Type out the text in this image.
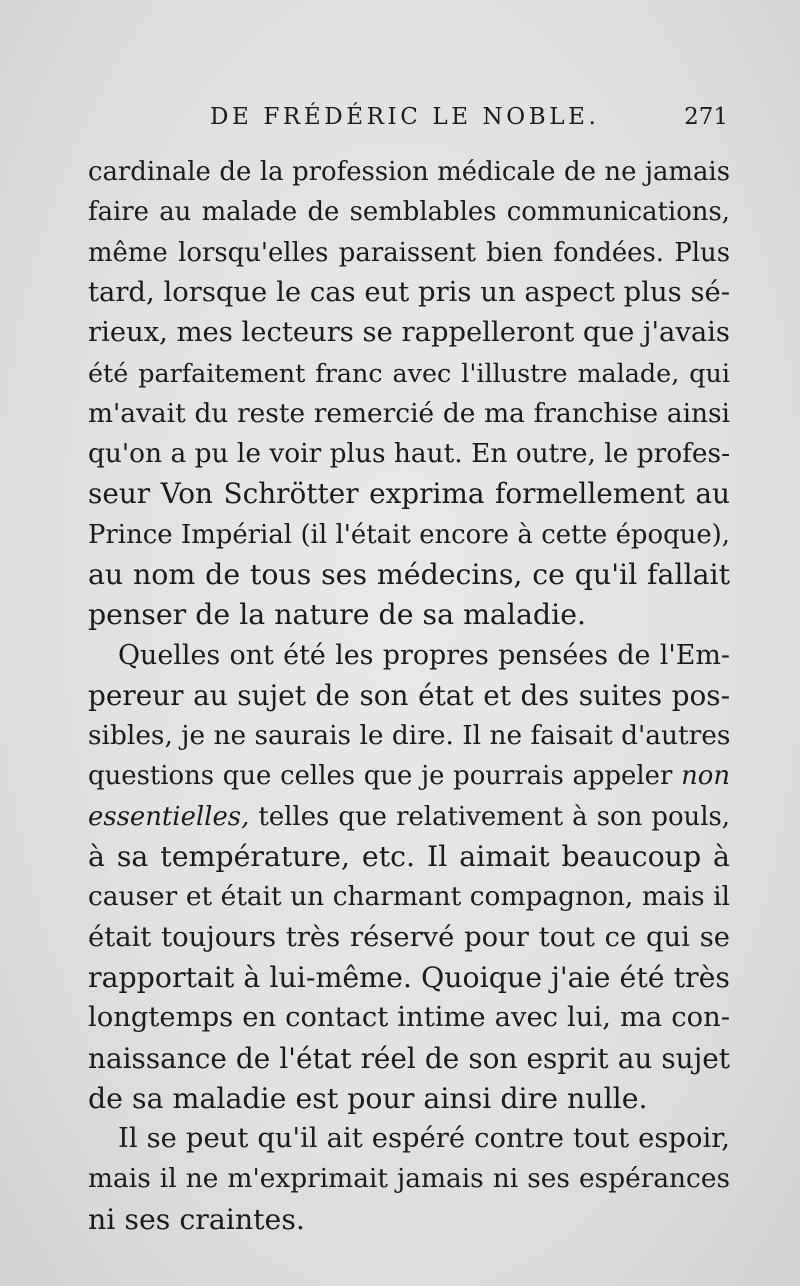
DE FRÉDÉRIC LE NOBLE.	271
cardinale de la profession médicale de ne jamais
faire au malade de semblables communications,
même lorsqu'elles paraissent bien fondées. Plus
tard, lorsque le cas eut pris un aspect plus sé-
rieux, mes lecteurs se rappelleront que j'avais
été parfaitement franc avec l'illustre malade, qui
m'avait du reste remercié de ma franchise ainsi
qu'on a pu le voir plus haut. En outre, le profes-
seur Von Schrötter exprima formellement au
Prince Impérial (il l'était encore à cette époque),
au nom de tous ses médecins, ce qu'il fallait
penser de la nature de sa maladie.
Quelles ont été les propres pensées de l'Em-
pereur au sujet de son état et des suites pos-
sibles, je ne saurais le dire. Il ne faisait d'autres
questions que celles que je pourrais appeler non
essentielles, telles que relativement à son pouls,
à sa température, etc. Il aimait beaucoup à
causer et était un charmant compagnon, mais il
était toujours très réservé pour tout ce qui se
rapportait à lui-même. Quoique j'aie été très
longtemps en contact intime avec lui, ma con-
naissance de l'état réel de son esprit au sujet
de sa maladie est pour ainsi dire nulle.
Il se peut qu'il ait espéré contre tout espoir,
mais il ne m'exprimait jamais ni ses espérances
ni ses craintes.
